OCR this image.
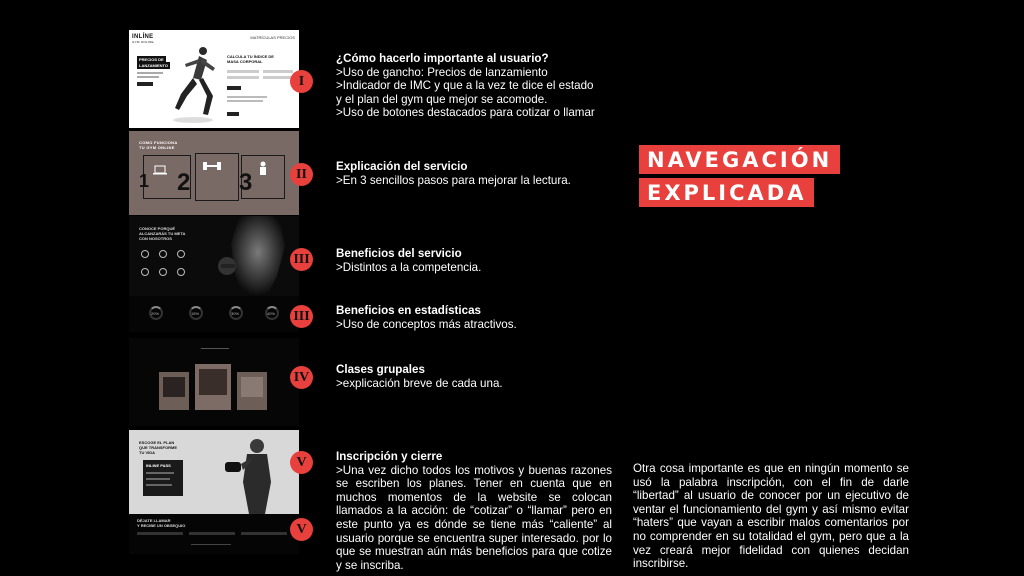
INLÍNE
GYM ONLINE
MATRÍCULAS PRECIOS
PRECIOS DE
LANZAMIENTO
CALCULA TU ÍNDICE DE
MASA CORPORAL
COMO FUNCIONA
TU GYM ONLINE
1 2 3
CONOCE PORQUÉ
ALCANZARÁS TU META
CON NOSOTROS
20%	15%	30%	40%
ESCOGE EL PLAN
QUE TRANSFORME
TU VIDA
INLINE PASS
DÉJATE LLAMAR
Y RECIBE UN OBSEQUIO
I
II
III
III
IV
V
V
¿Cómo hacerlo importante al usuario?
>Uso de gancho: Precios de lanzamiento
>Indicador de IMC y que a la vez te dice el estado
y el plan del gym que mejor se acomode.
>Uso de botones destacados para cotizar o llamar
Explicación del servicio
>En 3 sencillos pasos para mejorar la lectura.
Beneficios del servicio
>Distintos a la competencia.
Beneficios en estadísticas
>Uso de conceptos más atractivos.
Clases grupales
>explicación breve de cada una.
Inscripción y cierre
>Una vez dicho todos los motivos y buenas razones se escriben los planes. Tener en cuenta que en muchos momentos de la website se colocan llamados a la acción: de “cotizar” o “llamar” pero en este punto ya es dónde se tiene más “caliente” al usuario porque se encuentra super interesado. por lo que se muestran aún más beneficios para que cotize y se inscriba.
Otra cosa importante es que en ningún momento se usó la palabra inscripción, con el fin de darle “libertad” al usuario de conocer por un ejecutivo de ventar el funcionamiento del gym y así mismo evitar “haters” que vayan a escribir malos comentarios por no comprender en su totalidad el gym, pero que a la vez creará mejor fidelidad con quienes decidan inscribirse.
NAVEGACIÓN
EXPLICADA
